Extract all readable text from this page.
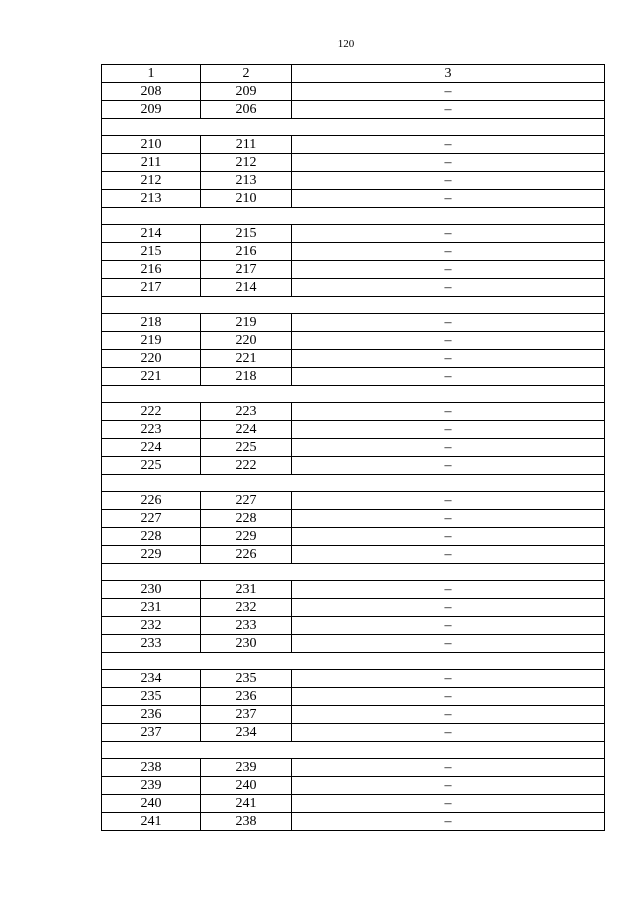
120
1	2	3
208	209	–
209	206	–

210	211	–
211	212	–
212	213	–
213	210	–

214	215	–
215	216	–
216	217	–
217	214	–

218	219	–
219	220	–
220	221	–
221	218	–

222	223	–
223	224	–
224	225	–
225	222	–

226	227	–
227	228	–
228	229	–
229	226	–

230	231	–
231	232	–
232	233	–
233	230	–

234	235	–
235	236	–
236	237	–
237	234	–

238	239	–
239	240	–
240	241	–
241	238	–
